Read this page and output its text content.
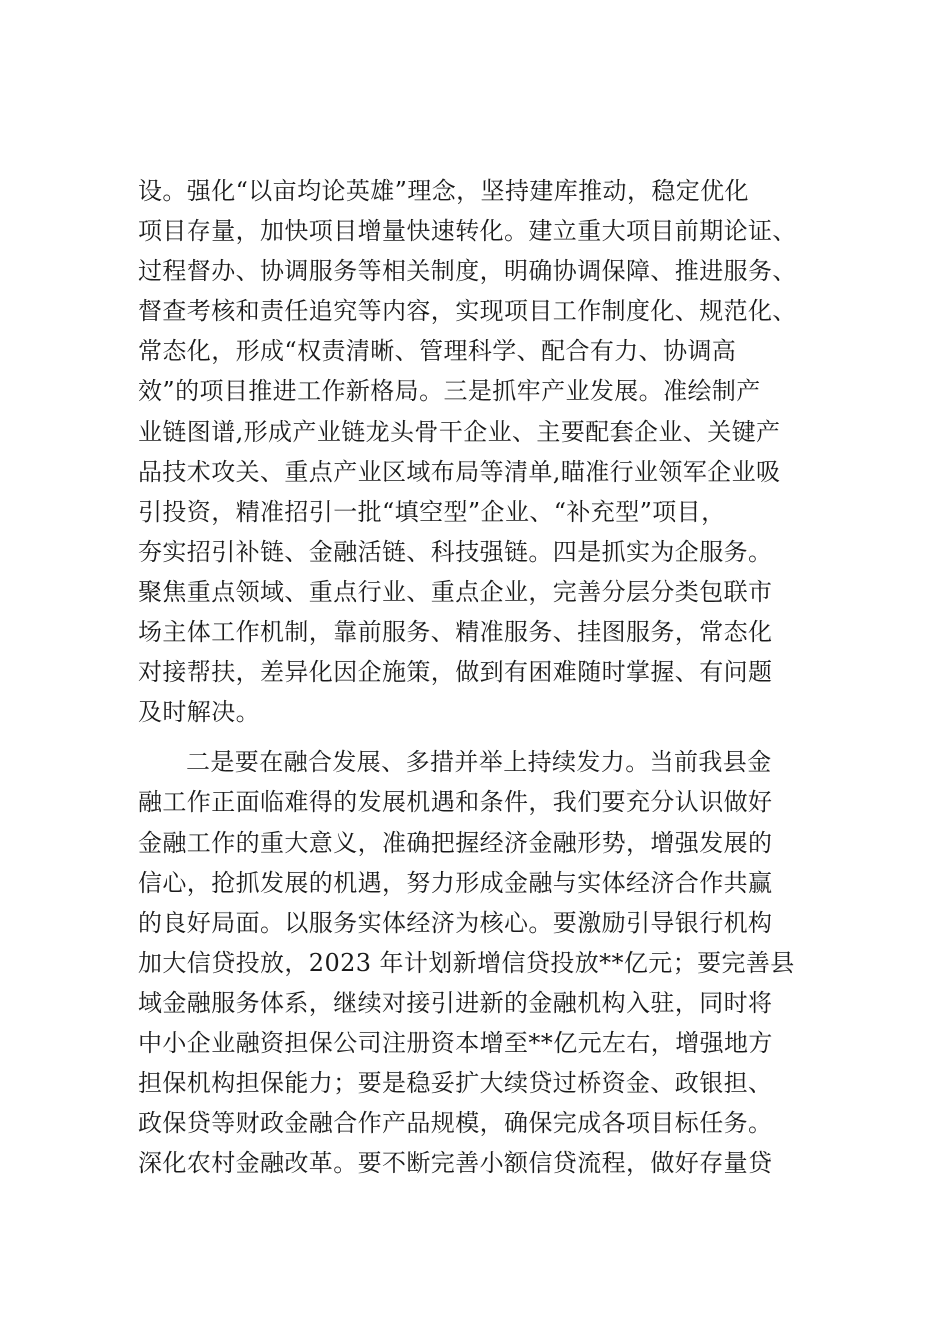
设。强化“以亩均论英雄”理念，坚持建库推动，稳定优化
项目存量，加快项目增量快速转化。建立重大项目前期论证、
过程督办、协调服务等相关制度，明确协调保障、推进服务、
督查考核和责任追究等内容，实现项目工作制度化、规范化、
常态化，形成“权责清晰、管理科学、配合有力、协调高
效”的项目推进工作新格局。三是抓牢产业发展。准绘制产
业链图谱,形成产业链龙头骨干企业、主要配套企业、关键产
品技术攻关、重点产业区域布局等清单,瞄准行业领军企业吸
引投资，精准招引一批“填空型”企业、“补充型”项目，
夯实招引补链、金融活链、科技强链。四是抓实为企服务。
聚焦重点领域、重点行业、重点企业，完善分层分类包联市
场主体工作机制，靠前服务、精准服务、挂图服务，常态化
对接帮扶，差异化因企施策，做到有困难随时掌握、有问题
及时解决。
二是要在融合发展、多措并举上持续发力。当前我县金
融工作正面临难得的发展机遇和条件，我们要充分认识做好
金融工作的重大意义，准确把握经济金融形势，增强发展的
信心，抢抓发展的机遇，努力形成金融与实体经济合作共赢
的良好局面。以服务实体经济为核心。要激励引导银行机构
加大信贷投放，2023 年计划新增信贷投放**亿元；要完善县
域金融服务体系，继续对接引进新的金融机构入驻，同时将
中小企业融资担保公司注册资本增至**亿元左右，增强地方
担保机构担保能力；要是稳妥扩大续贷过桥资金、政银担、
政保贷等财政金融合作产品规模，确保完成各项目标任务。
深化农村金融改革。要不断完善小额信贷流程，做好存量贷
